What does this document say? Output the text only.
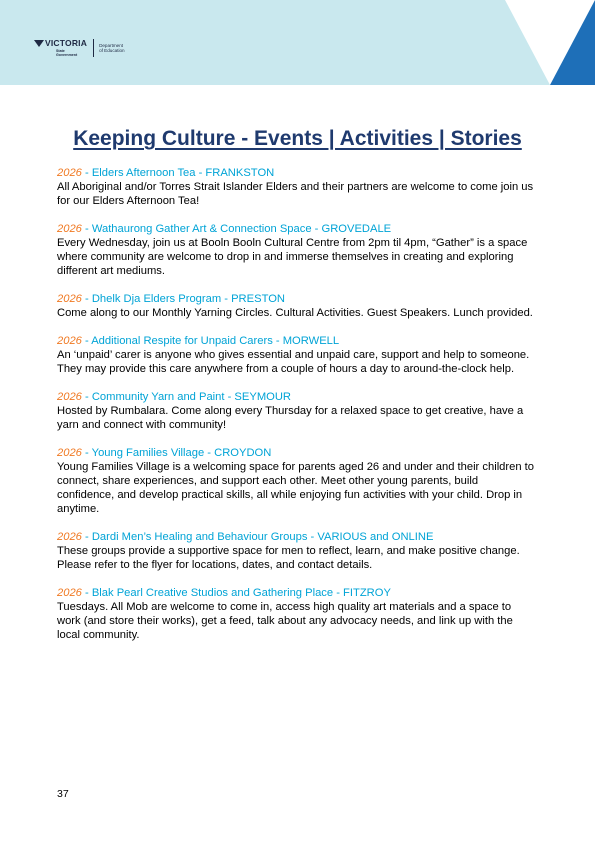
VICTORIA
State
Government
Department
of Education
Keeping Culture - Events | Activities | Stories

2026 - Elders Afternoon Tea - FRANKSTON

All Aboriginal and/or Torres Strait Islander Elders and their partners are welcome to come join us for our Elders Afternoon Tea!

2026 - Wathaurong Gather Art & Connection Space - GROVEDALE

Every Wednesday, join us at Booln Booln Cultural Centre from 2pm til 4pm, “Gather” is a space where community are welcome to drop in and immerse themselves in creating and exploring different art mediums.

2026 - Dhelk Dja Elders Program - PRESTON

Come along to our Monthly Yarning Circles. Cultural Activities. Guest Speakers. Lunch provided.

2026 - Additional Respite for Unpaid Carers - MORWELL

An ‘unpaid’ carer is anyone who gives essential and unpaid care, support and help to someone. They may provide this care anywhere from a couple of hours a day to around-the-clock help.

2026 - Community Yarn and Paint - SEYMOUR

Hosted by Rumbalara. Come along every Thursday for a relaxed space to get creative, have a yarn and connect with community!

2026 - Young Families Village - CROYDON

Young Families Village is a welcoming space for parents aged 26 and under and their children to connect, share experiences, and support each other. Meet other young parents, build confidence, and develop practical skills, all while enjoying fun activities with your child. Drop in anytime.

2026 - Dardi Men’s Healing and Behaviour Groups - VARIOUS and ONLINE

These groups provide a supportive space for men to reflect, learn, and make positive change. Please refer to the flyer for locations, dates, and contact details.

2026 - Blak Pearl Creative Studios and Gathering Place - FITZROY

Tuesdays. All Mob are welcome to come in, access high quality art materials and a space to work (and store their works), get a feed, talk about any advocacy needs, and link up with the local community.

37
